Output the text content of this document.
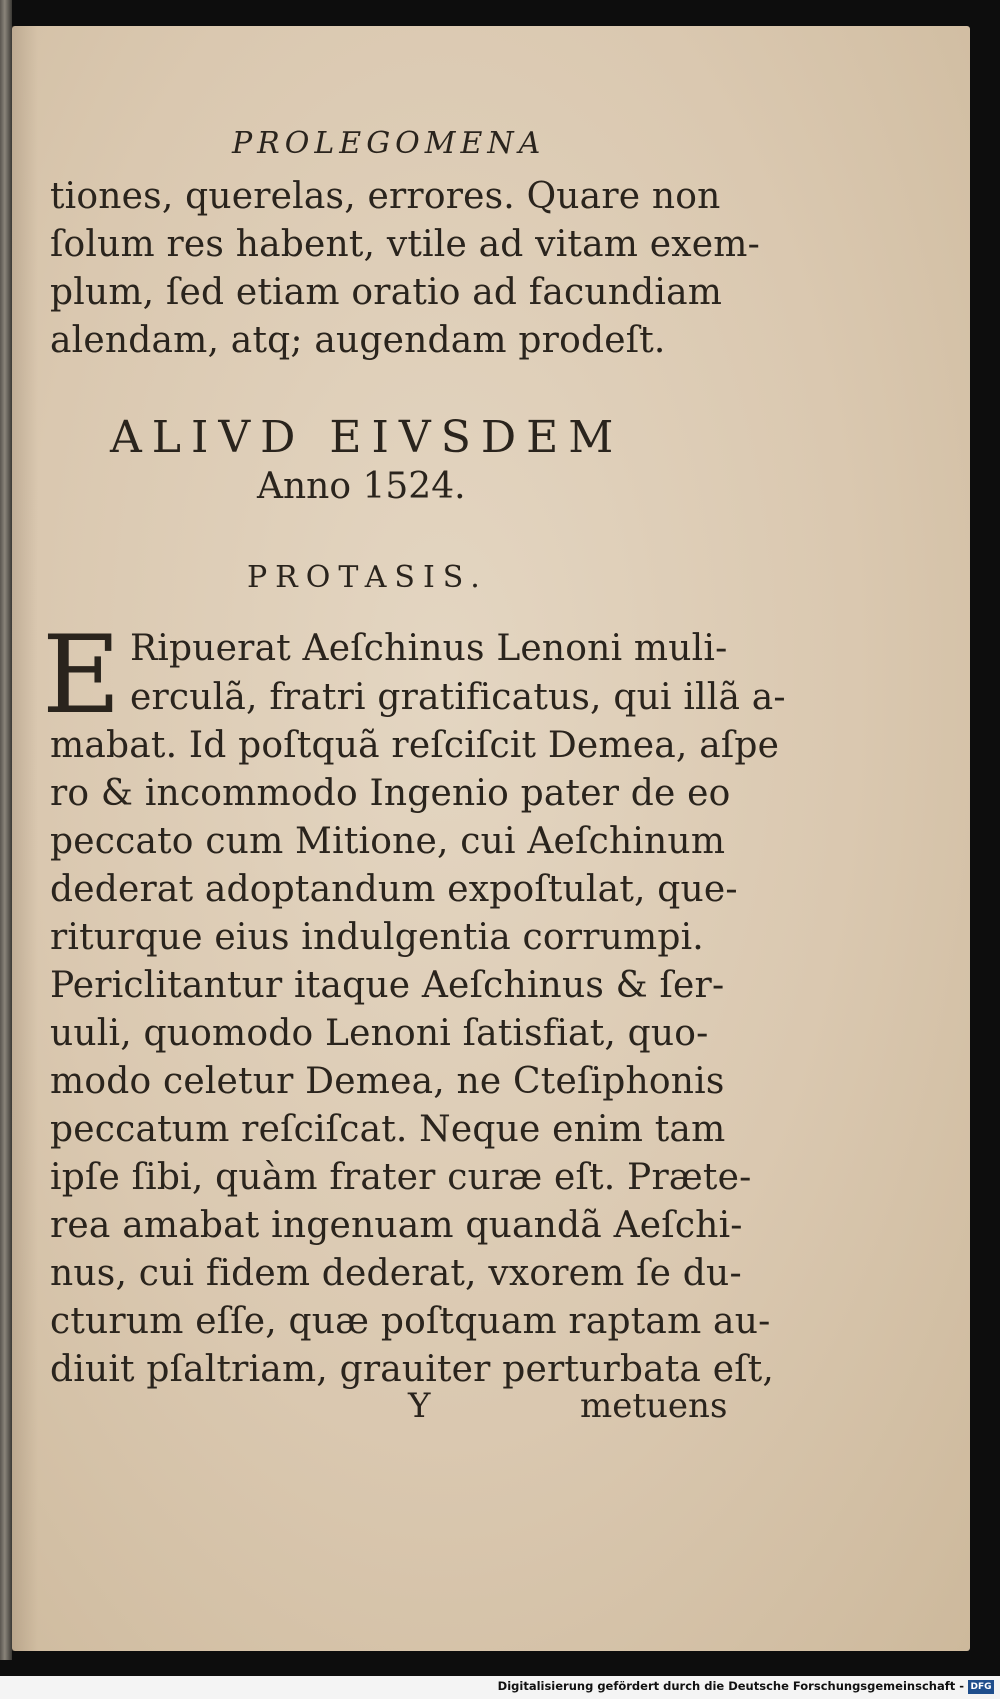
PROLEGOMENA
tiones, querelas, errores. Quare non
ſolum res habent, vtile ad vitam exem-
plum, ſed etiam oratio ad facundiam
alendam, atq; augendam prodeſt.
ALIVD EIVSDEM
Anno 1524.
PROTASIS.
E Ripuerat Aeſchinus Lenoni muli-
erculã, fratri gratificatus, qui illã a-
mabat. Id poſtquã reſciſcit Demea, aſpe
ro & incommodo Ingenio pater de eo
peccato cum Mitione, cui Aeſchinum
dederat adoptandum expoſtulat, que-
riturque eius indulgentia corrumpi.
Periclitantur itaque Aeſchinus & ſer-
uuli, quomodo Lenoni ſatisfiat, quo-
modo celetur Demea, ne Cteſiphonis
peccatum reſciſcat. Neque enim tam
ipſe ſibi, quàm frater curæ eſt. Præte-
rea amabat ingenuam quandã Aeſchi-
nus, cui fidem dederat, vxorem ſe du-
cturum eſſe, quæ poſtquam raptam au-
diuit pſaltriam, grauiter perturbata eſt,
Y	metuens
Digitalisierung gefördert durch die Deutsche Forschungsgemeinschaft - DFG
